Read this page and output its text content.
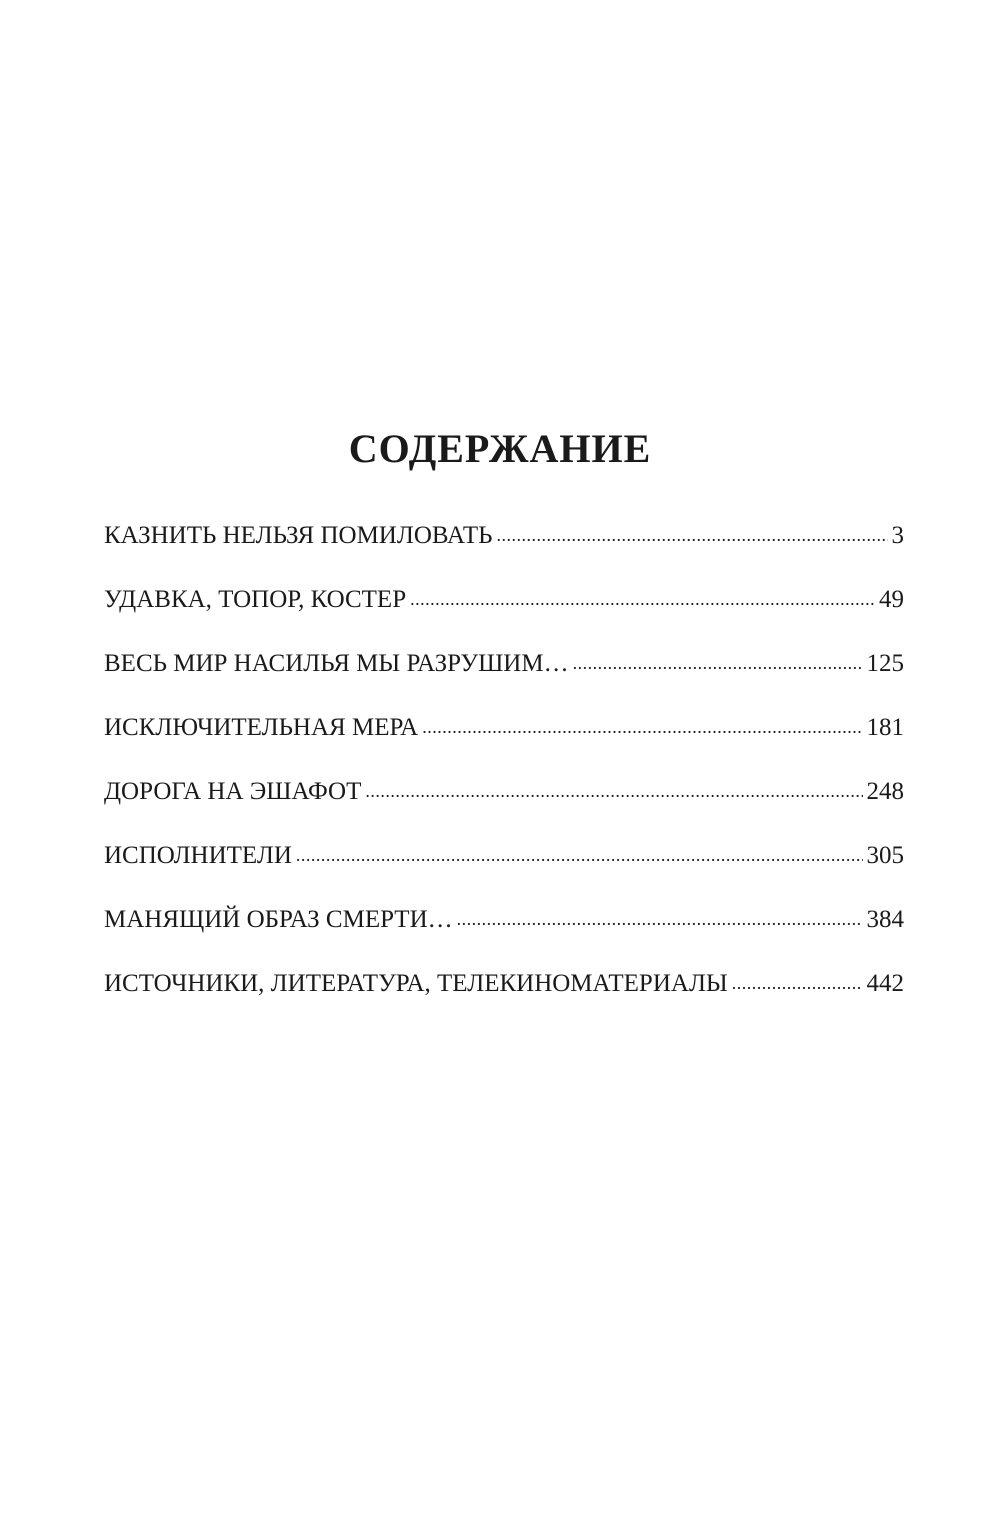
СОДЕРЖАНИЕ
КАЗНИТЬ НЕЛЬЗЯ ПОМИЛОВАТЬ .....	3
УДАВКА, ТОПОР, КОСТЕР .....	49
ВЕСЬ МИР НАСИЛЬЯ МЫ РАЗРУШИМ… .....	125
ИСКЛЮЧИТЕЛЬНАЯ МЕРА .....	181
ДОРОГА НА ЭШАФОТ .....	248
ИСПОЛНИТЕЛИ .....	305
МАНЯЩИЙ ОБРАЗ СМЕРТИ… .....	384
ИСТОЧНИКИ, ЛИТЕРАТУРА, ТЕЛЕКИНОМАТЕРИАЛЫ .....	442
